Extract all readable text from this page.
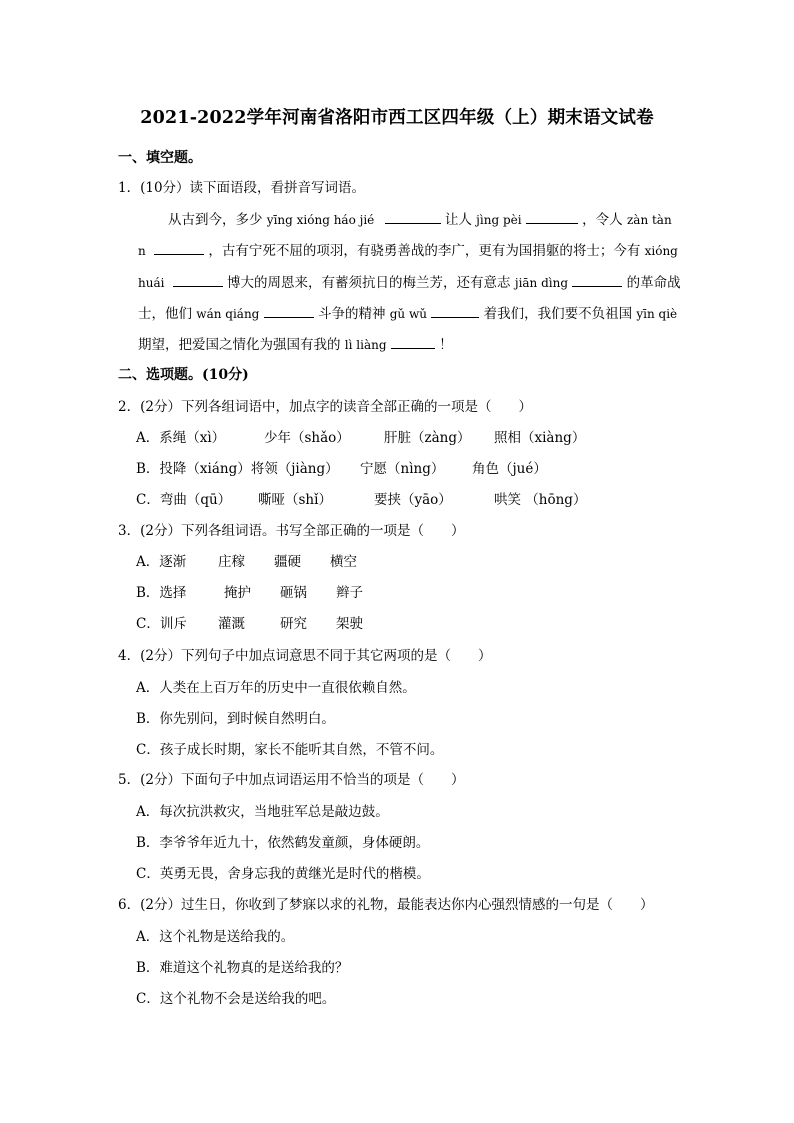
2021-2022学年河南省洛阳市西工区四年级（上）期末语文试卷
一、填空题。
1．(10分）读下面语段，看拼音写词语。
从古到今，多少 yīng xióng háo jié	让人 jìng pèi	，令人 zàn tàn
n	，古有宁死不屈的项羽，有骁勇善战的李广，更有为国捐躯的将士；今有 xióng
huái	博大的周恩来，有蓄须抗日的梅兰芳，还有意志 jiān dìng	的革命战
士，他们 wán qiáng	斗争的精神 gǔ wǔ	着我们，我们要不负祖国 yīn qiè
期望，把爱国之情化为强国有我的 lì liàng	！
二、选项题。(10分)
2．(2分）下列各组词语中，加点字的读音全部正确的一项是（　　）
A．系绳（xì）	少年（shǎo）	肝脏（zàng） 照相（xiàng）
B．投降（xiáng）将领（jiàng） 宁愿（nìng） 角色（jué）
C．弯曲（qū） 嘶哑（shǐ）	要挟（yāo）	哄笑 （hōng）
3．(2分）下列各组词语。书写全部正确的一项是（　　）
A．逐渐 庄稼 疆硬 横空
B．选择	掩护 砸锅 辫子
C．训斥 灌溉	研究 架驶
4．(2分）下列句子中加点词意思不同于其它两项的是（　　）
A．人类在上百万年的历史中一直很依赖自然。
B．你先别问，到时候自然明白。
C．孩子成长时期，家长不能听其自然，不管不问。
5．(2分）下面句子中加点词语运用不恰当的项是（　　）
A．每次抗洪救灾，当地驻军总是敲边鼓。
B．李爷爷年近九十，依然鹤发童颜，身体硬朗。
C．英勇无畏，舍身忘我的黄继光是时代的楷模。
6．(2分）过生日，你收到了梦寐以求的礼物，最能表达你内心强烈情感的一句是（　　）
A．这个礼物是送给我的。
B．难道这个礼物真的是送给我的？
C．这个礼物不会是送给我的吧。
